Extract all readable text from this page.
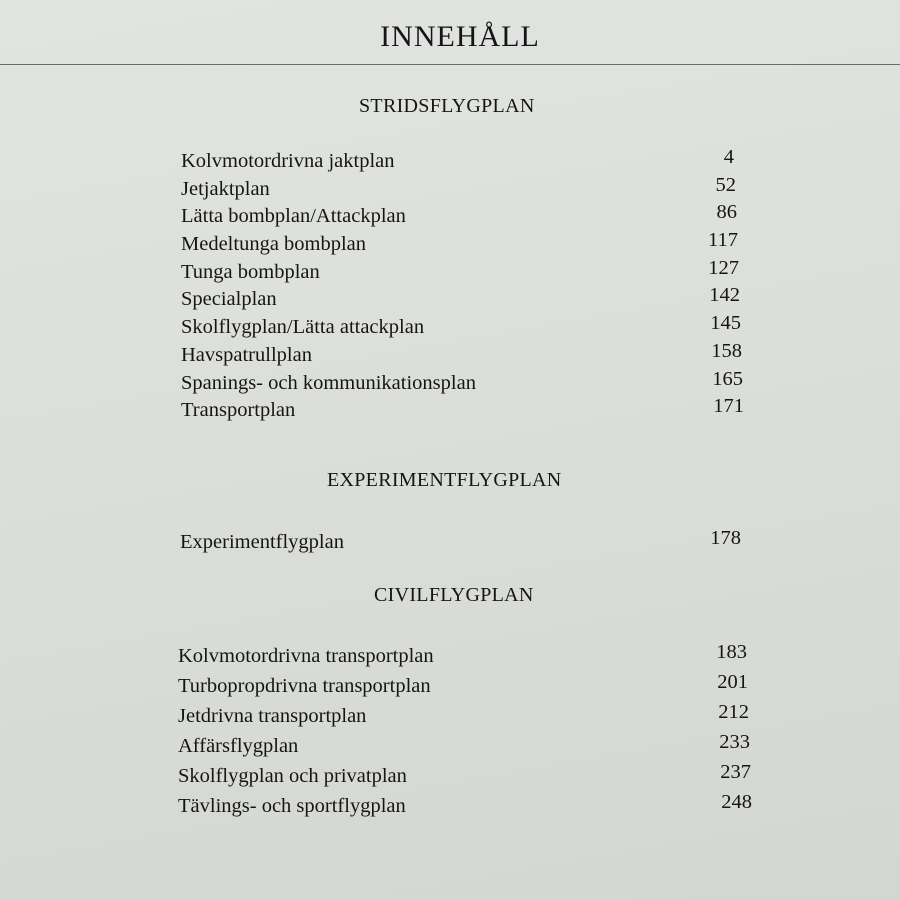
INNEHÅLL
STRIDSFLYGPLAN
Kolvmotordrivna jaktplan	4
Jetjaktplan	52
Lätta bombplan/Attackplan	86
Medeltunga bombplan	117
Tunga bombplan	127
Specialplan	142
Skolflygplan/Lätta attackplan	145
Havspatrullplan	158
Spanings- och kommunikationsplan	165
Transportplan	171
EXPERIMENTFLYGPLAN
Experimentflygplan	178
CIVILFLYGPLAN
Kolvmotordrivna transportplan	183
Turbopropdrivna transportplan	201
Jetdrivna transportplan	212
Affärsflygplan	233
Skolflygplan och privatplan	237
Tävlings- och sportflygplan	248
